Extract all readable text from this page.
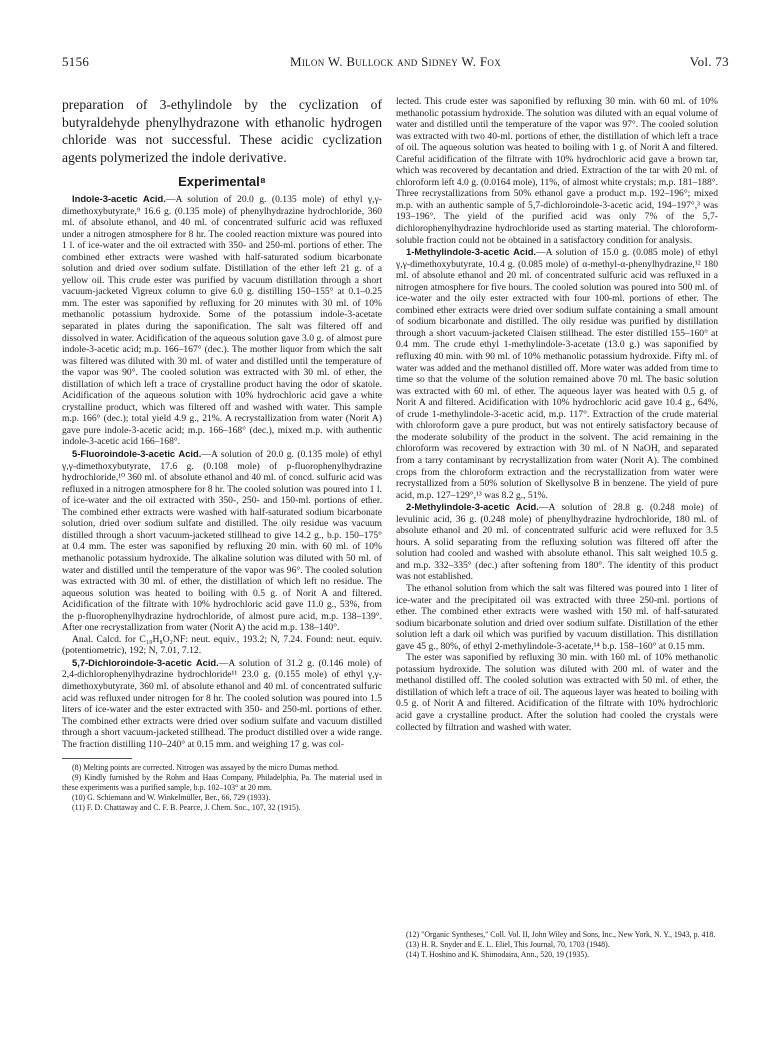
5156	Milon W. Bullock and Sidney W. Fox	Vol. 73

preparation of 3-ethylindole by the cyclization of butyraldehyde phenylhydrazone with ethanolic hydrogen chloride was not successful. These acidic cyclization agents polymerized the indole derivative.

Experimental⁸

Indole-3-acetic Acid.—A solution of 20.0 g. (0.135 mole) of ethyl γ,γ-dimethoxybutyrate,⁹ 16.6 g. (0.135 mole) of phenylhydrazine hydrochloride, 360 ml. of absolute ethanol, and 40 ml. of concentrated sulfuric acid was refluxed under a nitrogen atmosphere for 8 hr. The cooled reaction mixture was poured into 1 l. of ice-water and the oil extracted with 350- and 250-ml. portions of ether. The combined ether extracts were washed with half-saturated sodium bicarbonate solution and dried over sodium sulfate. Distillation of the ether left 21 g. of a yellow oil. This crude ester was purified by vacuum distillation through a short vacuum-jacketed Vigreux column to give 6.0 g. distilling 150–155° at 0.1–0.25 mm. The ester was saponified by refluxing for 20 minutes with 30 ml. of 10% methanolic potassium hydroxide. Some of the potassium indole-3-acetate separated in plates during the saponification. The salt was filtered off and dissolved in water. Acidification of the aqueous solution gave 3.0 g. of almost pure indole-3-acetic acid; m.p. 166–167° (dec.). The mother liquor from which the salt was filtered was diluted with 30 ml. of water and distilled until the temperature of the vapor was 90°. The cooled solution was extracted with 30 ml. of ether, the distillation of which left a trace of crystalline product having the odor of skatole. Acidification of the aqueous solution with 10% hydrochloric acid gave a white crystalline product, which was filtered off and washed with water. This sample m.p. 166° (dec.); total yield 4.9 g., 21%. A recrystallization from water (Norit A) gave pure indole-3-acetic acid; m.p. 166–168° (dec.), mixed m.p. with authentic indole-3-acetic acid 166–168°.

5-Fluoroindole-3-acetic Acid.—A solution of 20.0 g. (0.135 mole) of ethyl γ,γ-dimethoxybutyrate, 17.6 g. (0.108 mole) of p-fluorophenylhydrazine hydrochloride,¹⁰ 360 ml. of absolute ethanol and 40 ml. of concd. sulfuric acid was refluxed in a nitrogen atmosphere for 8 hr. The cooled solution was poured into 1 l. of ice-water and the oil extracted with 350-, 250- and 150-ml. portions of ether. The combined ether extracts were washed with half-saturated sodium bicarbonate solution, dried over sodium sulfate and distilled. The oily residue was vacuum distilled through a short vacuum-jacketed stillhead to give 14.2 g., b.p. 150–175° at 0.4 mm. The ester was saponified by refluxing 20 min. with 60 ml. of 10% methanolic potassium hydroxide. The alkaline solution was diluted with 50 ml. of water and distilled until the temperature of the vapor was 96°. The cooled solution was extracted with 30 ml. of ether, the distillation of which left no residue. The aqueous solution was heated to boiling with 0.5 g. of Norit A and filtered. Acidification of the filtrate with 10% hydrochloric acid gave 11.0 g., 53%, from the p-fluorophenylhydrazine hydrochloride, of almost pure acid, m.p. 138–139°. After one recrystallization from water (Norit A) the acid m.p. 138–140°.

Anal. Calcd. for C₁₀H₈O₂NF: neut. equiv., 193.2; N, 7.24. Found: neut. equiv. (potentiometric), 192; N, 7.01, 7.12.

5,7-Dichloroindole-3-acetic Acid.—A solution of 31.2 g. (0.146 mole) of 2,4-dichlorophenylhydrazine hydrochloride¹¹ 23.0 g. (0.155 mole) of ethyl γ,γ-dimethoxybutyrate, 360 ml. of absolute ethanol and 40 ml. of concentrated sulfuric acid was refluxed under nitrogen for 8 hr. The cooled solution was poured into 1.5 liters of ice-water and the ester extracted with 350- and 250-ml. portions of ether. The combined ether extracts were dried over sodium sulfate and vacuum distilled through a short vacuum-jacketed stillhead. The product distilled over a wide range. The fraction distilling 110–240° at 0.15 mm. and weighing 17 g. was col-

(8) Melting points are corrected. Nitrogen was assayed by the micro Dumas method.

(9) Kindly furnished by the Rohm and Haas Company, Philadelphia, Pa. The material used in these experiments was a purified sample, b.p. 102–103° at 20 mm.

(10) G. Schiemann and W. Winkelmüller, Ber., 66, 729 (1933).

(11) F. D. Chattaway and C. F. B. Pearce, J. Chem. Soc., 107, 32 (1915).

lected. This crude ester was saponified by refluxing 30 min. with 60 ml. of 10% methanolic potassium hydroxide. The solution was diluted with an equal volume of water and distilled until the temperature of the vapor was 97°. The cooled solution was extracted with two 40-ml. portions of ether, the distillation of which left a trace of oil. The aqueous solution was heated to boiling with 1 g. of Norit A and filtered. Careful acidification of the filtrate with 10% hydrochloric acid gave a brown tar, which was recovered by decantation and dried. Extraction of the tar with 20 ml. of chloroform left 4.0 g. (0.0164 mole), 11%, of almost white crystals; m.p. 181–188°. Three recrystallizations from 50% ethanol gave a product m.p. 192–196°; mixed m.p. with an authentic sample of 5,7-dichloroindole-3-acetic acid, 194–197°,³ was 193–196°. The yield of the purified acid was only 7% of the 5,7-dichlorophenylhydrazine hydrochloride used as starting material. The chloroform-soluble fraction could not be obtained in a satisfactory condition for analysis.

1-Methylindole-3-acetic Acid.—A solution of 15.0 g. (0.085 mole) of ethyl γ,γ-dimethoxybutyrate, 10.4 g. (0.085 mole) of α-methyl-α-phenylhydrazine,¹² 180 ml. of absolute ethanol and 20 ml. of concentrated sulfuric acid was refluxed in a nitrogen atmosphere for five hours. The cooled solution was poured into 500 ml. of ice-water and the oily ester extracted with four 100-ml. portions of ether. The combined ether extracts were dried over sodium sulfate containing a small amount of sodium bicarbonate and distilled. The oily residue was purified by distillation through a short vacuum-jacketed Claisen stillhead. The ester distilled 155–160° at 0.4 mm. The crude ethyl 1-methylindole-3-acetate (13.0 g.) was saponified by refluxing 40 min. with 90 ml. of 10% methanolic potassium hydroxide. Fifty ml. of water was added and the methanol distilled off. More water was added from time to time so that the volume of the solution remained above 70 ml. The basic solution was extracted with 60 ml. of ether. The aqueous layer was heated with 0.5 g. of Norit A and filtered. Acidification with 10% hydrochloric acid gave 10.4 g., 64%, of crude 1-methylindole-3-acetic acid, m.p. 117°. Extraction of the crude material with chloroform gave a pure product, but was not entirely satisfactory because of the moderate solubility of the product in the solvent. The acid remaining in the chloroform was recovered by extraction with 30 ml. of N NaOH, and separated from a tarry contaminant by recrystallization from water (Norit A). The combined crops from the chloroform extraction and the recrystallization from water were recrystallized from a 50% solution of Skellysolve B in benzene. The yield of pure acid, m.p. 127–129°,¹³ was 8.2 g., 51%.

2-Methylindole-3-acetic Acid.—A solution of 28.8 g. (0.248 mole) of levulinic acid, 36 g. (0.248 mole) of phenylhydrazine hydrochloride, 180 ml. of absolute ethanol and 20 ml. of concentrated sulfuric acid were refluxed for 3.5 hours. A solid separating from the refluxing solution was filtered off after the solution had cooled and washed with absolute ethanol. This salt weighed 10.5 g. and m.p. 332–335° (dec.) after softening from 180°. The identity of this product was not established.

The ethanol solution from which the salt was filtered was poured into 1 liter of ice-water and the precipitated oil was extracted with three 250-ml. portions of ether. The combined ether extracts were washed with 150 ml. of half-saturated sodium bicarbonate solution and dried over sodium sulfate. Distillation of the ether solution left a dark oil which was purified by vacuum distillation. This distillation gave 45 g., 80%, of ethyl 2-methylindole-3-acetate,¹⁴ b.p. 158–160° at 0.15 mm.

The ester was saponified by refluxing 30 min. with 160 ml. of 10% methanolic potassium hydroxide. The solution was diluted with 200 ml. of water and the methanol distilled off. The cooled solution was extracted with 50 ml. of ether, the distillation of which left a trace of oil. The aqueous layer was heated to boiling with 0.5 g. of Norit A and filtered. Acidification of the filtrate with 10% hydrochloric acid gave a crystalline product. After the solution had cooled the crystals were collected by filtration and washed with water.

(12) "Organic Syntheses," Coll. Vol. II, John Wiley and Sons, Inc., New York, N. Y., 1943, p. 418.

(13) H. R. Snyder and E. L. Eliel, This Journal, 70, 1703 (1948).

(14) T. Hoshino and K. Shimodaira, Ann., 520, 19 (1935).
